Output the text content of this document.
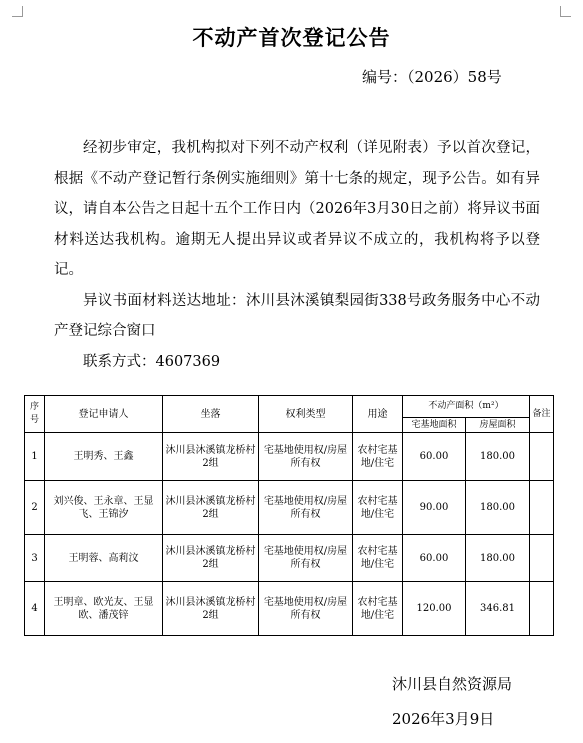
不动产首次登记公告
编号：（2026）58号

经初步审定，我机构拟对下列不动产权利（详见附表）予以首次登记，根据《不动产登记暂行条例实施细则》第十七条的规定，现予公告。如有异议，请自本公告之日起十五个工作日内（2026年3月30日之前）将异议书面材料送达我机构。逾期无人提出异议或者异议不成立的，我机构将予以登记。

异议书面材料送达地址：沐川县沐溪镇梨园街338号政务服务中心不动产登记综合窗口

联系方式：4607369

序号	登记申请人	坐落	权利类型	用途	不动产面积（m²）		备注
					宅基地面积	房屋面积	
1	王明秀、王鑫	沐川县沐溪镇龙桥村2组	宅基地使用权/房屋所有权	农村宅基地/住宅	60.00	180.00	
2	刘兴俊、王永章、王显飞、王锦汐	沐川县沐溪镇龙桥村2组	宅基地使用权/房屋所有权	农村宅基地/住宅	90.00	180.00	
3	王明蓉、高莉汶	沐川县沐溪镇龙桥村2组	宅基地使用权/房屋所有权	农村宅基地/住宅	60.00	180.00	
4	王明章、欧光友、王显欧、潘茂锌	沐川县沐溪镇龙桥村2组	宅基地使用权/房屋所有权	农村宅基地/住宅	120.00	346.81	
沐川县自然资源局
2026年3月9日
